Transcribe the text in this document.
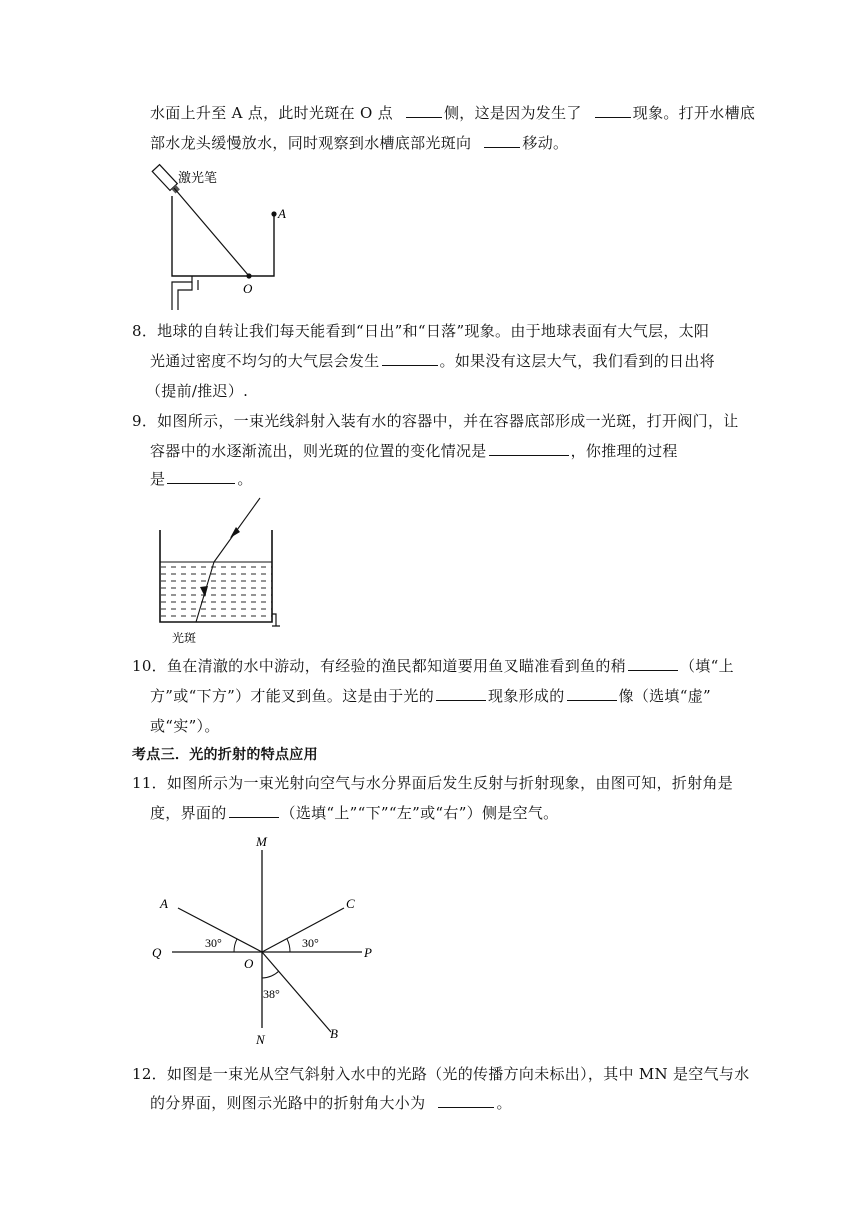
水面上升至 A 点，此时光斑在 O 点	侧，这是因为发生了	现象。打开水槽底
部水龙头缓慢放水，同时观察到水槽底部光斑向	移动。
激光笔
A
O
8．地球的自转让我们每天能看到“日出”和“日落”现象。由于地球表面有大气层，太阳
光通过密度不均匀的大气层会发生	。如果没有这层大气，我们看到的日出将
（提前/推迟）.
9．如图所示，一束光线斜射入装有水的容器中，并在容器底部形成一光斑，打开阀门，让
容器中的水逐渐流出，则光斑的位置的变化情况是	，你推理的过程
是	。
光斑
10．鱼在清澈的水中游动，有经验的渔民都知道要用鱼叉瞄准看到鱼的稍	（填“上
方”或“下方”）才能叉到鱼。这是由于光的	现象形成的	像（选填“虚”
或“实”）。
考点三．光的折射的特点应用
11．如图所示为一束光射向空气与水分界面后发生反射与折射现象，由图可知，折射角是
度，界面的	（选填“上”“下”“左”或“右”）侧是空气。
M
N
A
B
C
Q	P
O
30°	30°
38°
12．如图是一束光从空气斜射入水中的光路（光的传播方向未标出），其中 MN 是空气与水
的分界面，则图示光路中的折射角大小为	。
